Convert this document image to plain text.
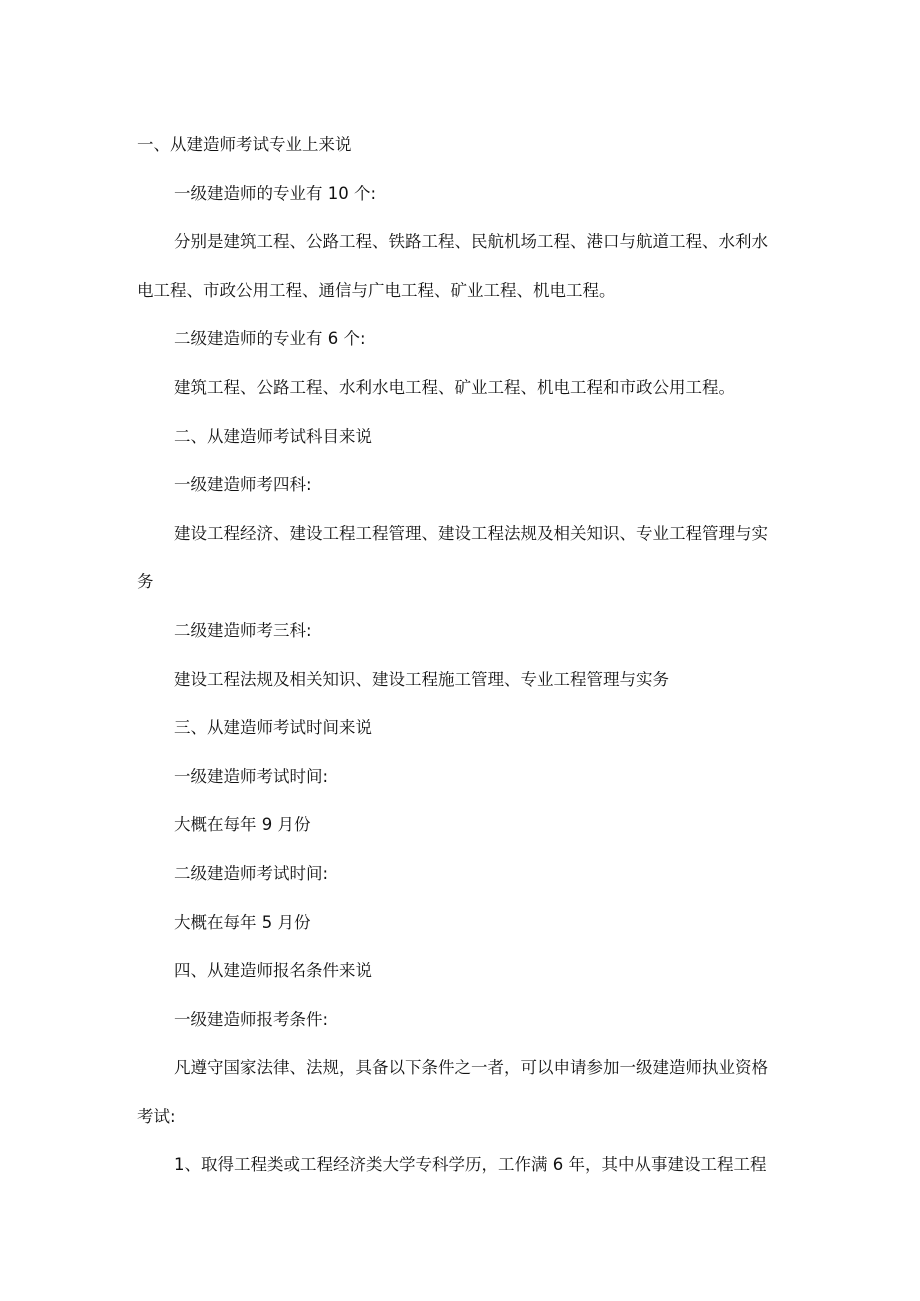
一、从建造师考试专业上来说
一级建造师的专业有 10 个:
分别是建筑工程、公路工程、铁路工程、民航机场工程、港口与航道工程、水利水
电工程、市政公用工程、通信与广电工程、矿业工程、机电工程。
二级建造师的专业有 6 个:
建筑工程、公路工程、水利水电工程、矿业工程、机电工程和市政公用工程。
二、从建造师考试科目来说
一级建造师考四科:
建设工程经济、建设工程工程管理、建设工程法规及相关知识、专业工程管理与实
务
二级建造师考三科:
建设工程法规及相关知识、建设工程施工管理、专业工程管理与实务
三、从建造师考试时间来说
一级建造师考试时间:
大概在每年 9 月份
二级建造师考试时间:
大概在每年 5 月份
四、从建造师报名条件来说
一级建造师报考条件:
凡遵守国家法律、法规，具备以下条件之一者，可以申请参加一级建造师执业资格
考试:
1、取得工程类或工程经济类大学专科学历，工作满 6 年，其中从事建设工程工程
